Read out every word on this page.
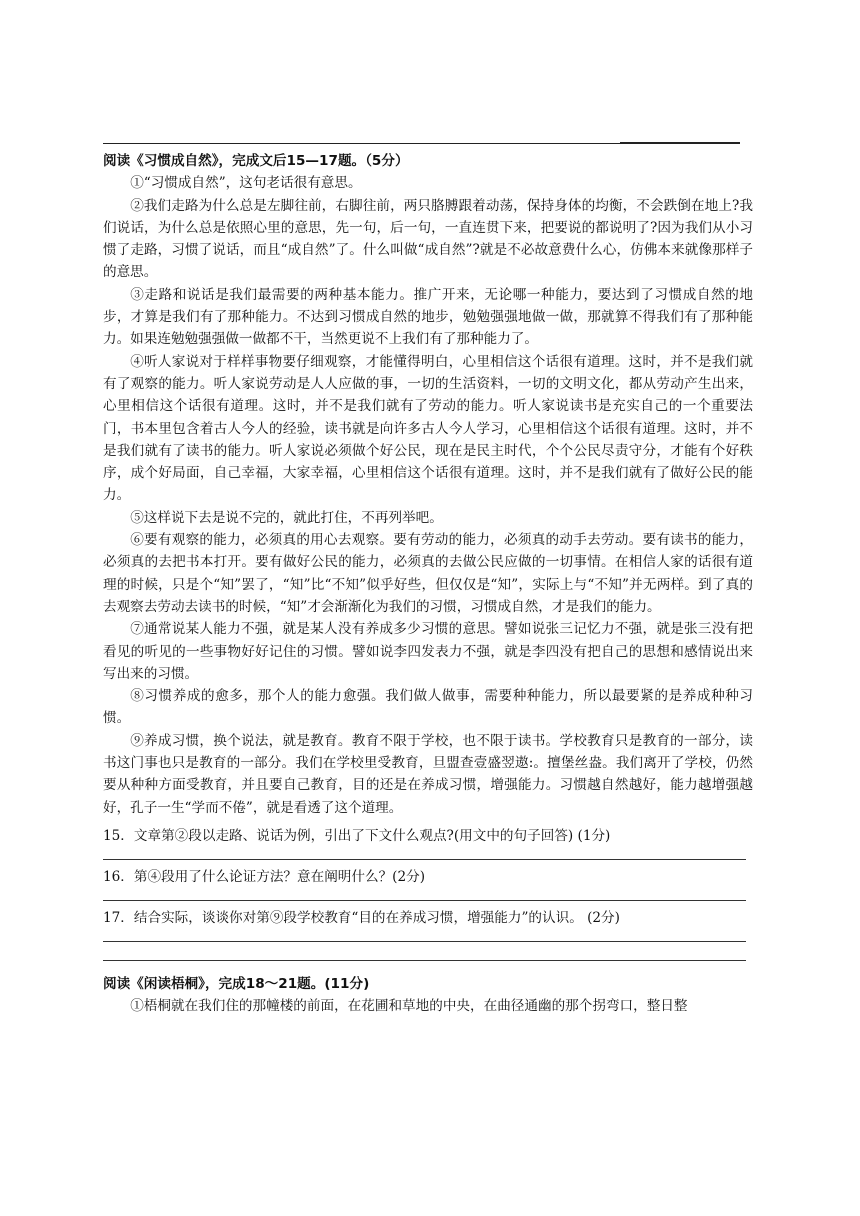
阅读《习惯成自然》，完成文后15—17题。（5分）

①“习惯成自然”，这句老话很有意思。

②我们走路为什么总是左脚往前，右脚往前，两只胳膊跟着动荡，保持身体的均衡，不会跌倒在地上?我们说话，为什么总是依照心里的意思，先一句，后一句，一直连贯下来，把要说的都说明了?因为我们从小习惯了走路，习惯了说话，而且“成自然”了。什么叫做“成自然”?就是不必故意费什么心，仿佛本来就像那样子的意思。

③走路和说话是我们最需要的两种基本能力。推广开来，无论哪一种能力，要达到了习惯成自然的地步，才算是我们有了那种能力。不达到习惯成自然的地步，勉勉强强地做一做，那就算不得我们有了那种能力。如果连勉勉强强做一做都不干，当然更说不上我们有了那种能力了。

④听人家说对于样样事物要仔细观察，才能懂得明白，心里相信这个话很有道理。这时，并不是我们就有了观察的能力。听人家说劳动是人人应做的事，一切的生活资料，一切的文明文化，都从劳动产生出来，心里相信这个话很有道理。这时，并不是我们就有了劳动的能力。听人家说读书是充实自己的一个重要法门，书本里包含着古人今人的经验，读书就是向许多古人今人学习，心里相信这个话很有道理。这时，并不是我们就有了读书的能力。听人家说必须做个好公民，现在是民主时代，个个公民尽责守分，才能有个好秩序，成个好局面，自己幸福，大家幸福，心里相信这个话很有道理。这时，并不是我们就有了做好公民的能力。

⑤这样说下去是说不完的，就此打住，不再列举吧。

⑥要有观察的能力，必须真的用心去观察。要有劳动的能力，必须真的动手去劳动。要有读书的能力，必须真的去把书本打开。要有做好公民的能力，必须真的去做公民应做的一切事情。在相信人家的话很有道理的时候，只是个“知”罢了，“知”比“不知”似乎好些，但仅仅是“知”，实际上与“不知”并无两样。到了真的去观察去劳动去读书的时候，“知”才会渐渐化为我们的习惯，习惯成自然，才是我们的能力。

⑦通常说某人能力不强，就是某人没有养成多少习惯的意思。譬如说张三记忆力不强，就是张三没有把看见的听见的一些事物好好记住的习惯。譬如说李四发表力不强，就是李四没有把自己的思想和感情说出来写出来的习惯。

⑧习惯养成的愈多，那个人的能力愈强。我们做人做事，需要种种能力，所以最要紧的是养成种种习惯。

⑨养成习惯，换个说法，就是教育。教育不限于学校，也不限于读书。学校教育只是教育的一部分，读书这门事也只是教育的一部分。我们在学校里受教育，旦盟查壹盛翌遨:。擅堡丝盎。我们离开了学校，仍然要从种种方面受教育，并且要自己教育，目的还是在养成习惯，增强能力。习惯越自然越好，能力越增强越好，孔子一生“学而不倦”，就是看透了这个道理。

15．文章第②段以走路、说话为例，引出了下文什么观点?(用文中的句子回答) (1分)

16．第④段用了什么论证方法？意在阐明什么？(2分)

17．结合实际，谈谈你对第⑨段学校教育“目的在养成习惯，增强能力”的认识。 (2分)

阅读《闲读梧桐》，完成18～21题。(11分)

①梧桐就在我们住的那幢楼的前面，在花圃和草地的中央，在曲径通幽的那个拐弯口，整日整
